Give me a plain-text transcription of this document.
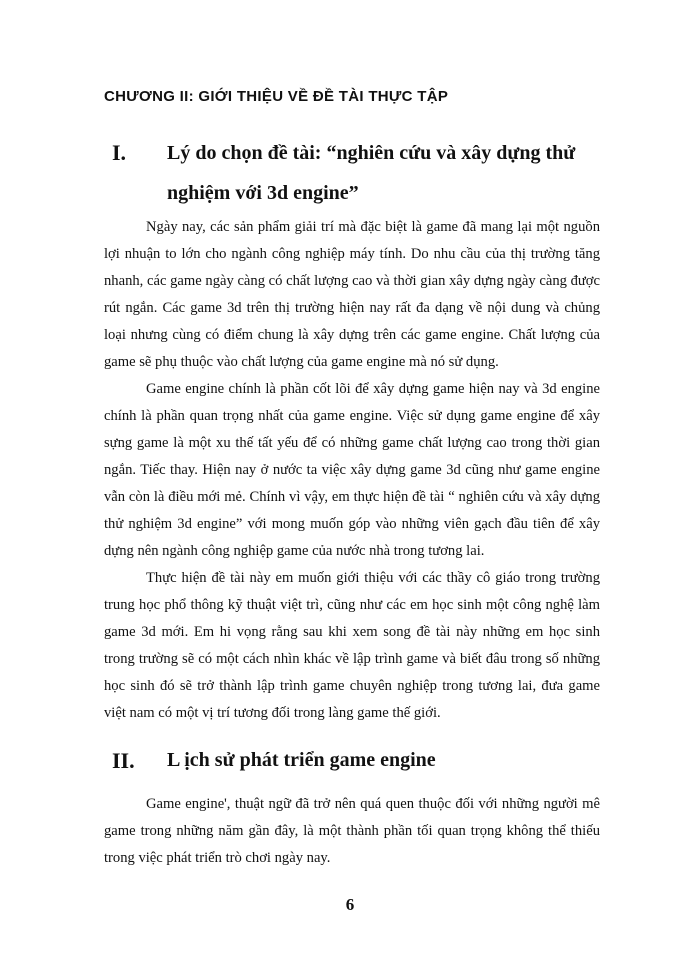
CHƯƠNG II: GIỚI THIỆU VỀ ĐỀ TÀI THỰC TẬP
I. Lý do chọn đề tài: “nghiên cứu và xây dựng thử nghiệm với 3d engine”

Ngày nay, các sản phẩm giải trí mà đặc biệt là game đã mang lại một nguồn lợi nhuận to lớn cho ngành công nghiệp máy tính. Do nhu cầu của thị trường tăng nhanh, các game ngày càng có chất lượng cao và thời gian xây dựng ngày càng được rút ngắn. Các game 3d trên thị trường hiện nay rất đa dạng về nội dung và chủng loại nhưng cùng có điểm chung là xây dựng trên các game engine. Chất lượng của game sẽ phụ thuộc vào chất lượng của game engine mà nó sử dụng.

Game engine chính là phần cốt lõi để xây dựng game hiện nay và 3d engine chính là phần quan trọng nhất của game engine. Việc sử dụng game engine để xây sựng game là một xu thế tất yếu để có những game chất lượng cao trong thời gian ngắn. Tiếc thay. Hiện nay ở nước ta việc xây dựng game 3d cũng như game engine vẫn còn là điều mới mẻ. Chính vì vậy, em thực hiện đề tài “ nghiên cứu và xây dựng thử nghiệm 3d engine” với mong muốn góp vào những viên gạch đầu tiên để xây dựng nên ngành công nghiệp game của nước nhà trong tương lai.

Thực hiện đề tài này em muốn giới thiệu với các thầy cô giáo trong trường trung học phổ thông kỹ thuật việt trì, cũng như các em học sinh một công nghệ làm game 3d mới. Em hi vọng rằng sau khi xem song đề tài này những em học sinh trong trường sẽ có một cách nhìn khác về lập trình game và biết đâu trong số những học sinh đó sẽ trở thành lập trình game chuyên nghiệp trong tương lai, đưa game việt nam có một vị trí tương đối trong làng game thế giới.

II. L ịch sử phát triển game engine

Game engine', thuật ngữ đã trở nên quá quen thuộc đối với những người mê game trong những năm gần đây, là một thành phần tối quan trọng không thể thiếu trong việc phát triển trò chơi ngày nay.

6
